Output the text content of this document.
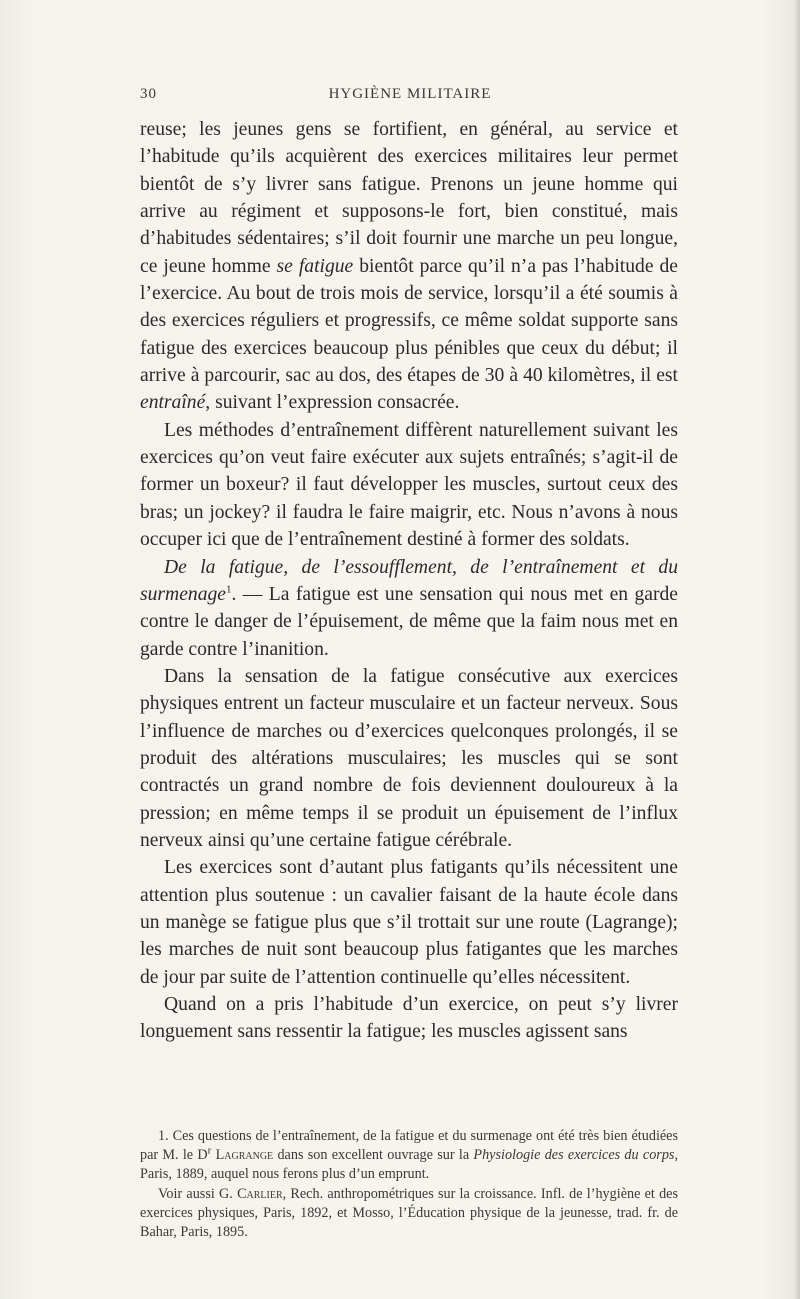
30	HYGIÈNE MILITAIRE

reuse; les jeunes gens se fortifient, en général, au service et l’habitude qu’ils acquièrent des exercices militaires leur permet bientôt de s’y livrer sans fatigue. Prenons un jeune homme qui arrive au régiment et supposons-le fort, bien constitué, mais d’habitudes sédentaires; s’il doit fournir une marche un peu longue, ce jeune homme se fatigue bientôt parce qu’il n’a pas l’habitude de l’exercice. Au bout de trois mois de service, lorsqu’il a été soumis à des exercices réguliers et progressifs, ce même soldat supporte sans fatigue des exercices beaucoup plus pénibles que ceux du début; il arrive à parcourir, sac au dos, des étapes de 30 à 40 kilomètres, il est entraîné, suivant l’expression consacrée.

Les méthodes d’entraînement diffèrent naturellement suivant les exercices qu’on veut faire exécuter aux sujets entraînés; s’agit-il de former un boxeur? il faut développer les muscles, surtout ceux des bras; un jockey? il faudra le faire maigrir, etc. Nous n’avons à nous occuper ici que de l’entraînement destiné à former des soldats.

De la fatigue, de l’essoufflement, de l’entraînement et du surmenage$^1$. — La fatigue est une sensation qui nous met en garde contre le danger de l’épuisement, de même que la faim nous met en garde contre l’inanition.

Dans la sensation de la fatigue consécutive aux exercices physiques entrent un facteur musculaire et un facteur nerveux. Sous l’influence de marches ou d’exercices quelconques prolongés, il se produit des altérations musculaires; les muscles qui se sont contractés un grand nombre de fois deviennent douloureux à la pression; en même temps il se produit un épuisement de l’influx nerveux ainsi qu’une certaine fatigue cérébrale.

Les exercices sont d’autant plus fatigants qu’ils nécessitent une attention plus soutenue : un cavalier faisant de la haute école dans un manège se fatigue plus que s’il trottait sur une route (Lagrange); les marches de nuit sont beaucoup plus fatigantes que les marches de jour par suite de l’attention continuelle qu’elles nécessitent.

Quand on a pris l’habitude d’un exercice, on peut s’y livrer longuement sans ressentir la fatigue; les muscles agissent sans

1. Ces questions de l’entraînement, de la fatigue et du surmenage ont été très bien étudiées par M. le $D^r$ Lagrange dans son excellent ouvrage sur la Physiologie des exercices du corps, Paris, 1889, auquel nous ferons plus d’un emprunt.

Voir aussi G. Carlier, Rech. anthropométriques sur la croissance. Infl. de l’hygiène et des exercices physiques, Paris, 1892, et Mosso, l’Éducation physique de la jeunesse, trad. fr. de Bahar, Paris, 1895.
